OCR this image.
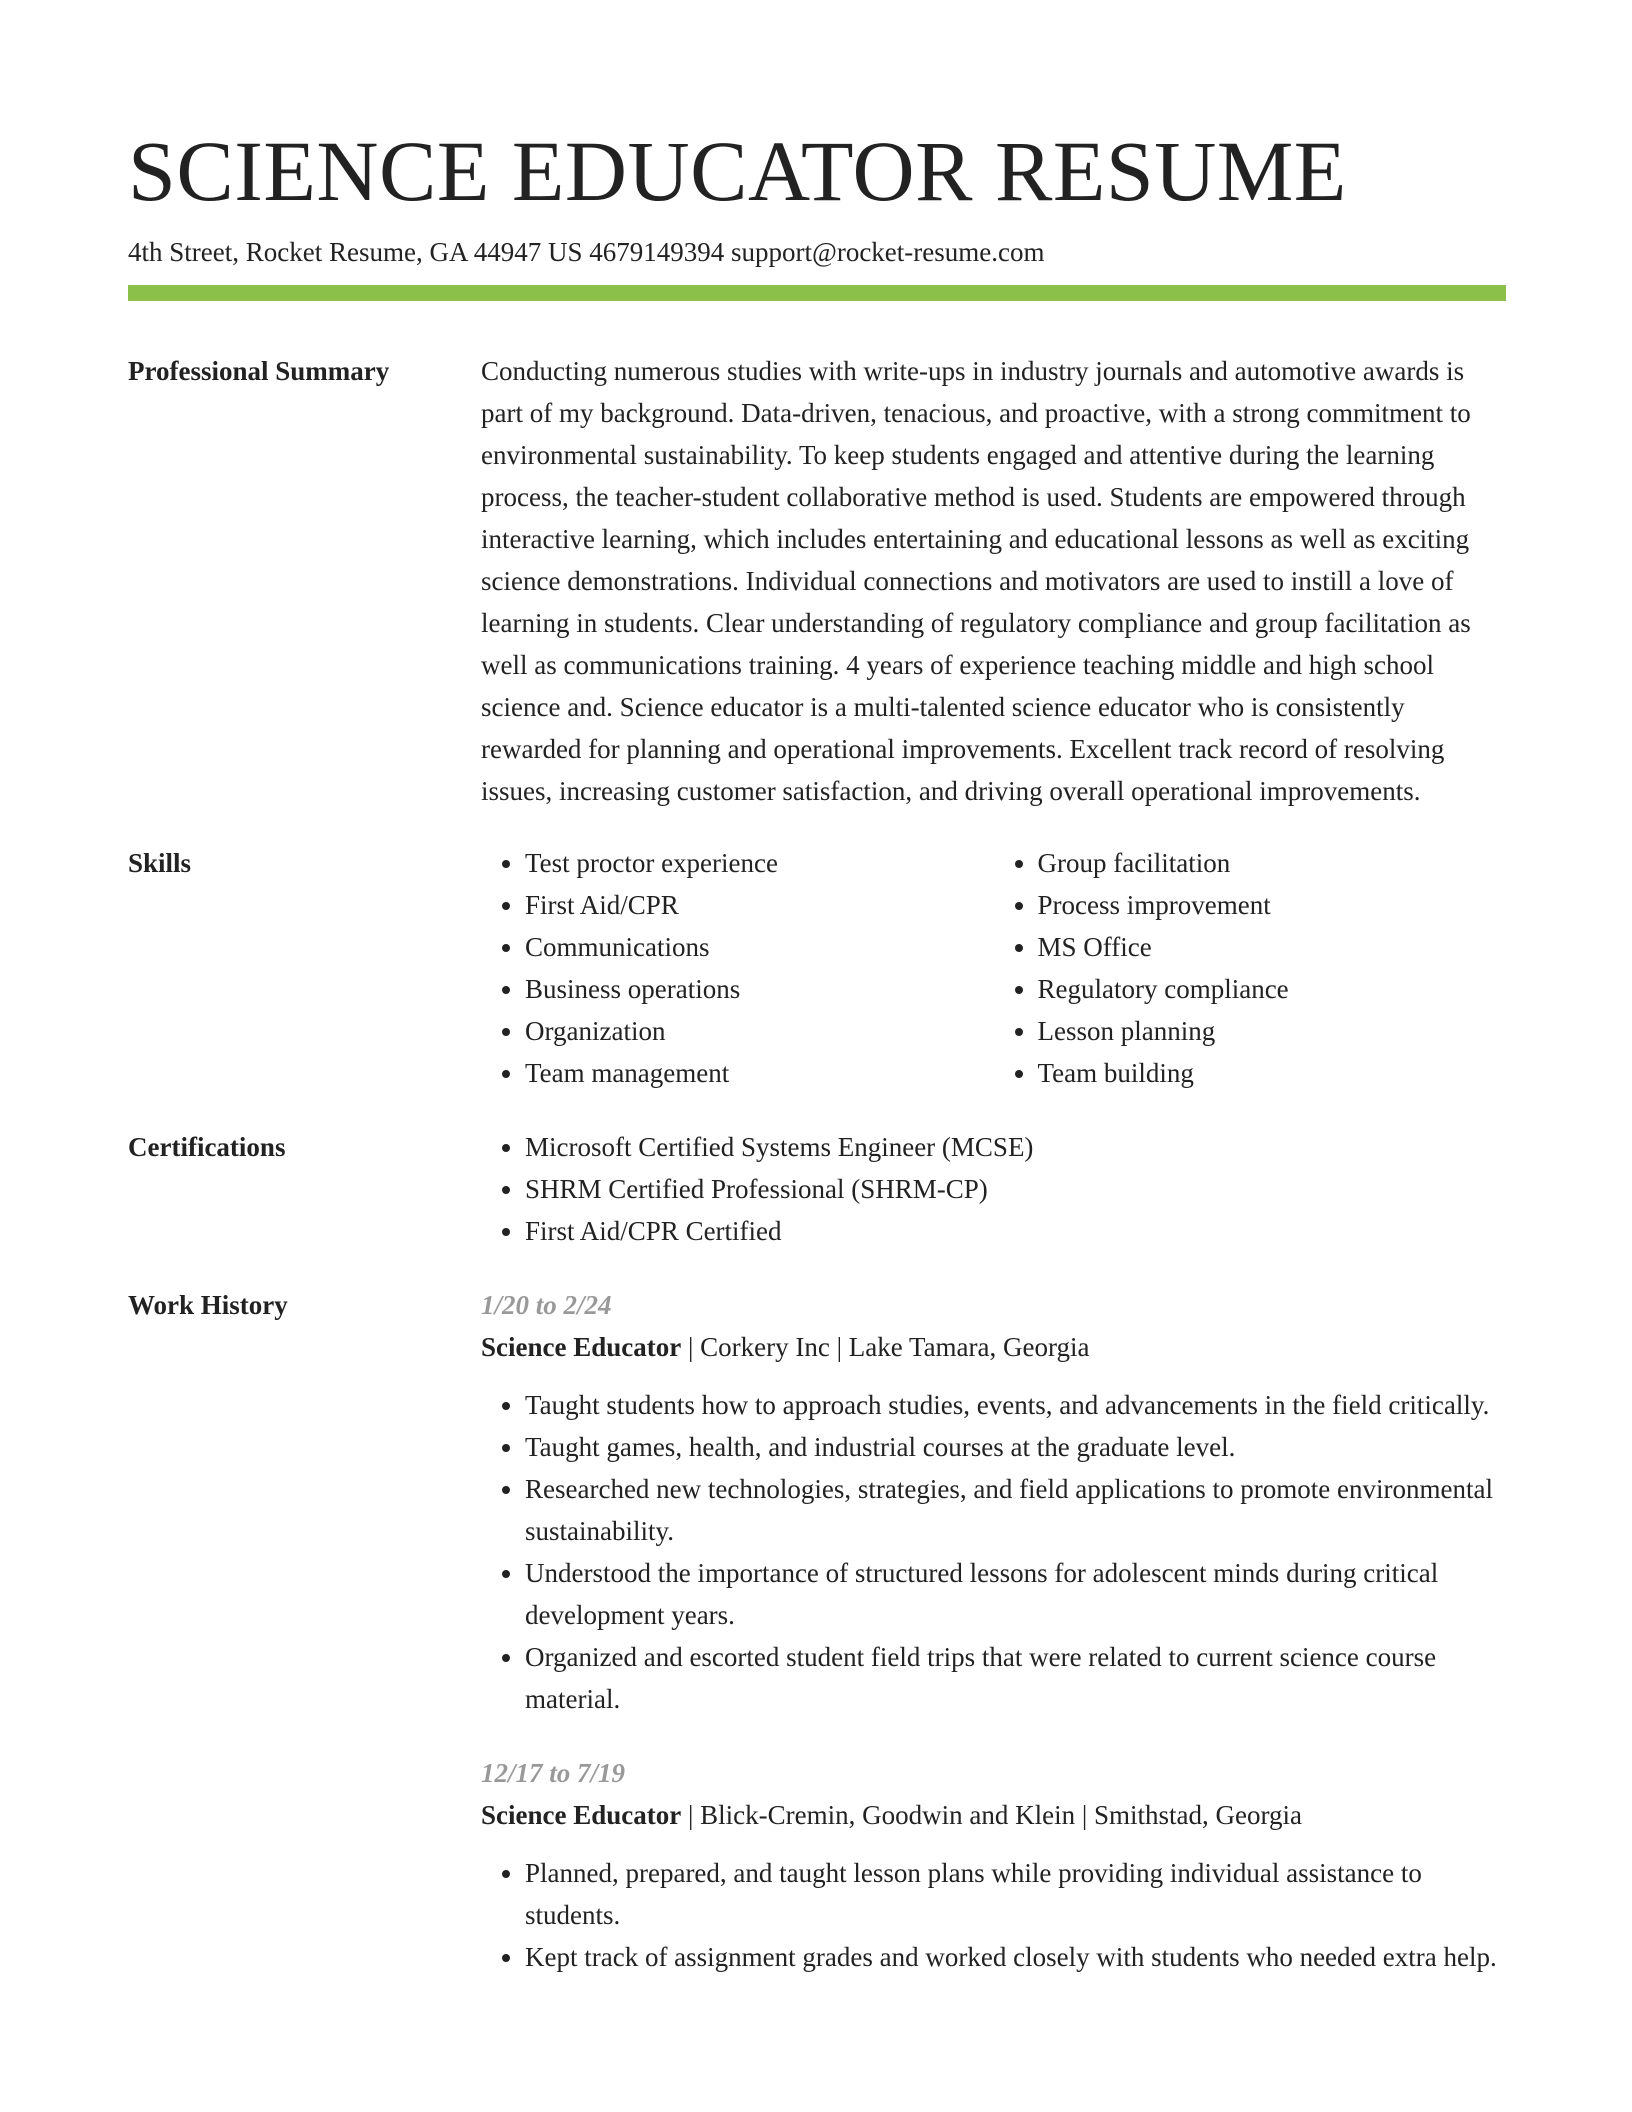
SCIENCE EDUCATOR RESUME
4th Street, Rocket Resume, GA 44947 US 4679149394 support@rocket-resume.com
Professional Summary	Conducting numerous studies with write-ups in industry journals and automotive awards is part of my background. Data-driven, tenacious, and proactive, with a strong commitment to environmental sustainability. To keep students engaged and attentive during the learning process, the teacher-student collaborative method is used. Students are empowered through interactive learning, which includes entertaining and educational lessons as well as exciting science demonstrations. Individual connections and motivators are used to instill a love of learning in students. Clear understanding of regulatory compliance and group facilitation as well as communications training. 4 years of experience teaching middle and high school science and. Science educator is a multi-talented science educator who is consistently rewarded for planning and operational improvements. Excellent track record of resolving issues, increasing customer satisfaction, and driving overall operational improvements.

Skills	• Test proctor experience
• First Aid/CPR
• Communications
• Business operations
• Organization
• Team management
• Group facilitation
• Process improvement
• MS Office
• Regulatory compliance
• Lesson planning
• Team building
Certifications	• Microsoft Certified Systems Engineer (MCSE)
• SHRM Certified Professional (SHRM-CP)
• First Aid/CPR Certified
Work History	1/20 to 2/24
Science Educator | Corkery Inc | Lake Tamara, Georgia
• Taught students how to approach studies, events, and advancements in the field critically.
• Taught games, health, and industrial courses at the graduate level.
• Researched new technologies, strategies, and field applications to promote environmental sustainability.
• Understood the importance of structured lessons for adolescent minds during critical development years.
• Organized and escorted student field trips that were related to current science course material.
12/17 to 7/19
Science Educator | Blick-Cremin, Goodwin and Klein | Smithstad, Georgia
• Planned, prepared, and taught lesson plans while providing individual assistance to students.
• Kept track of assignment grades and worked closely with students who needed extra help.
